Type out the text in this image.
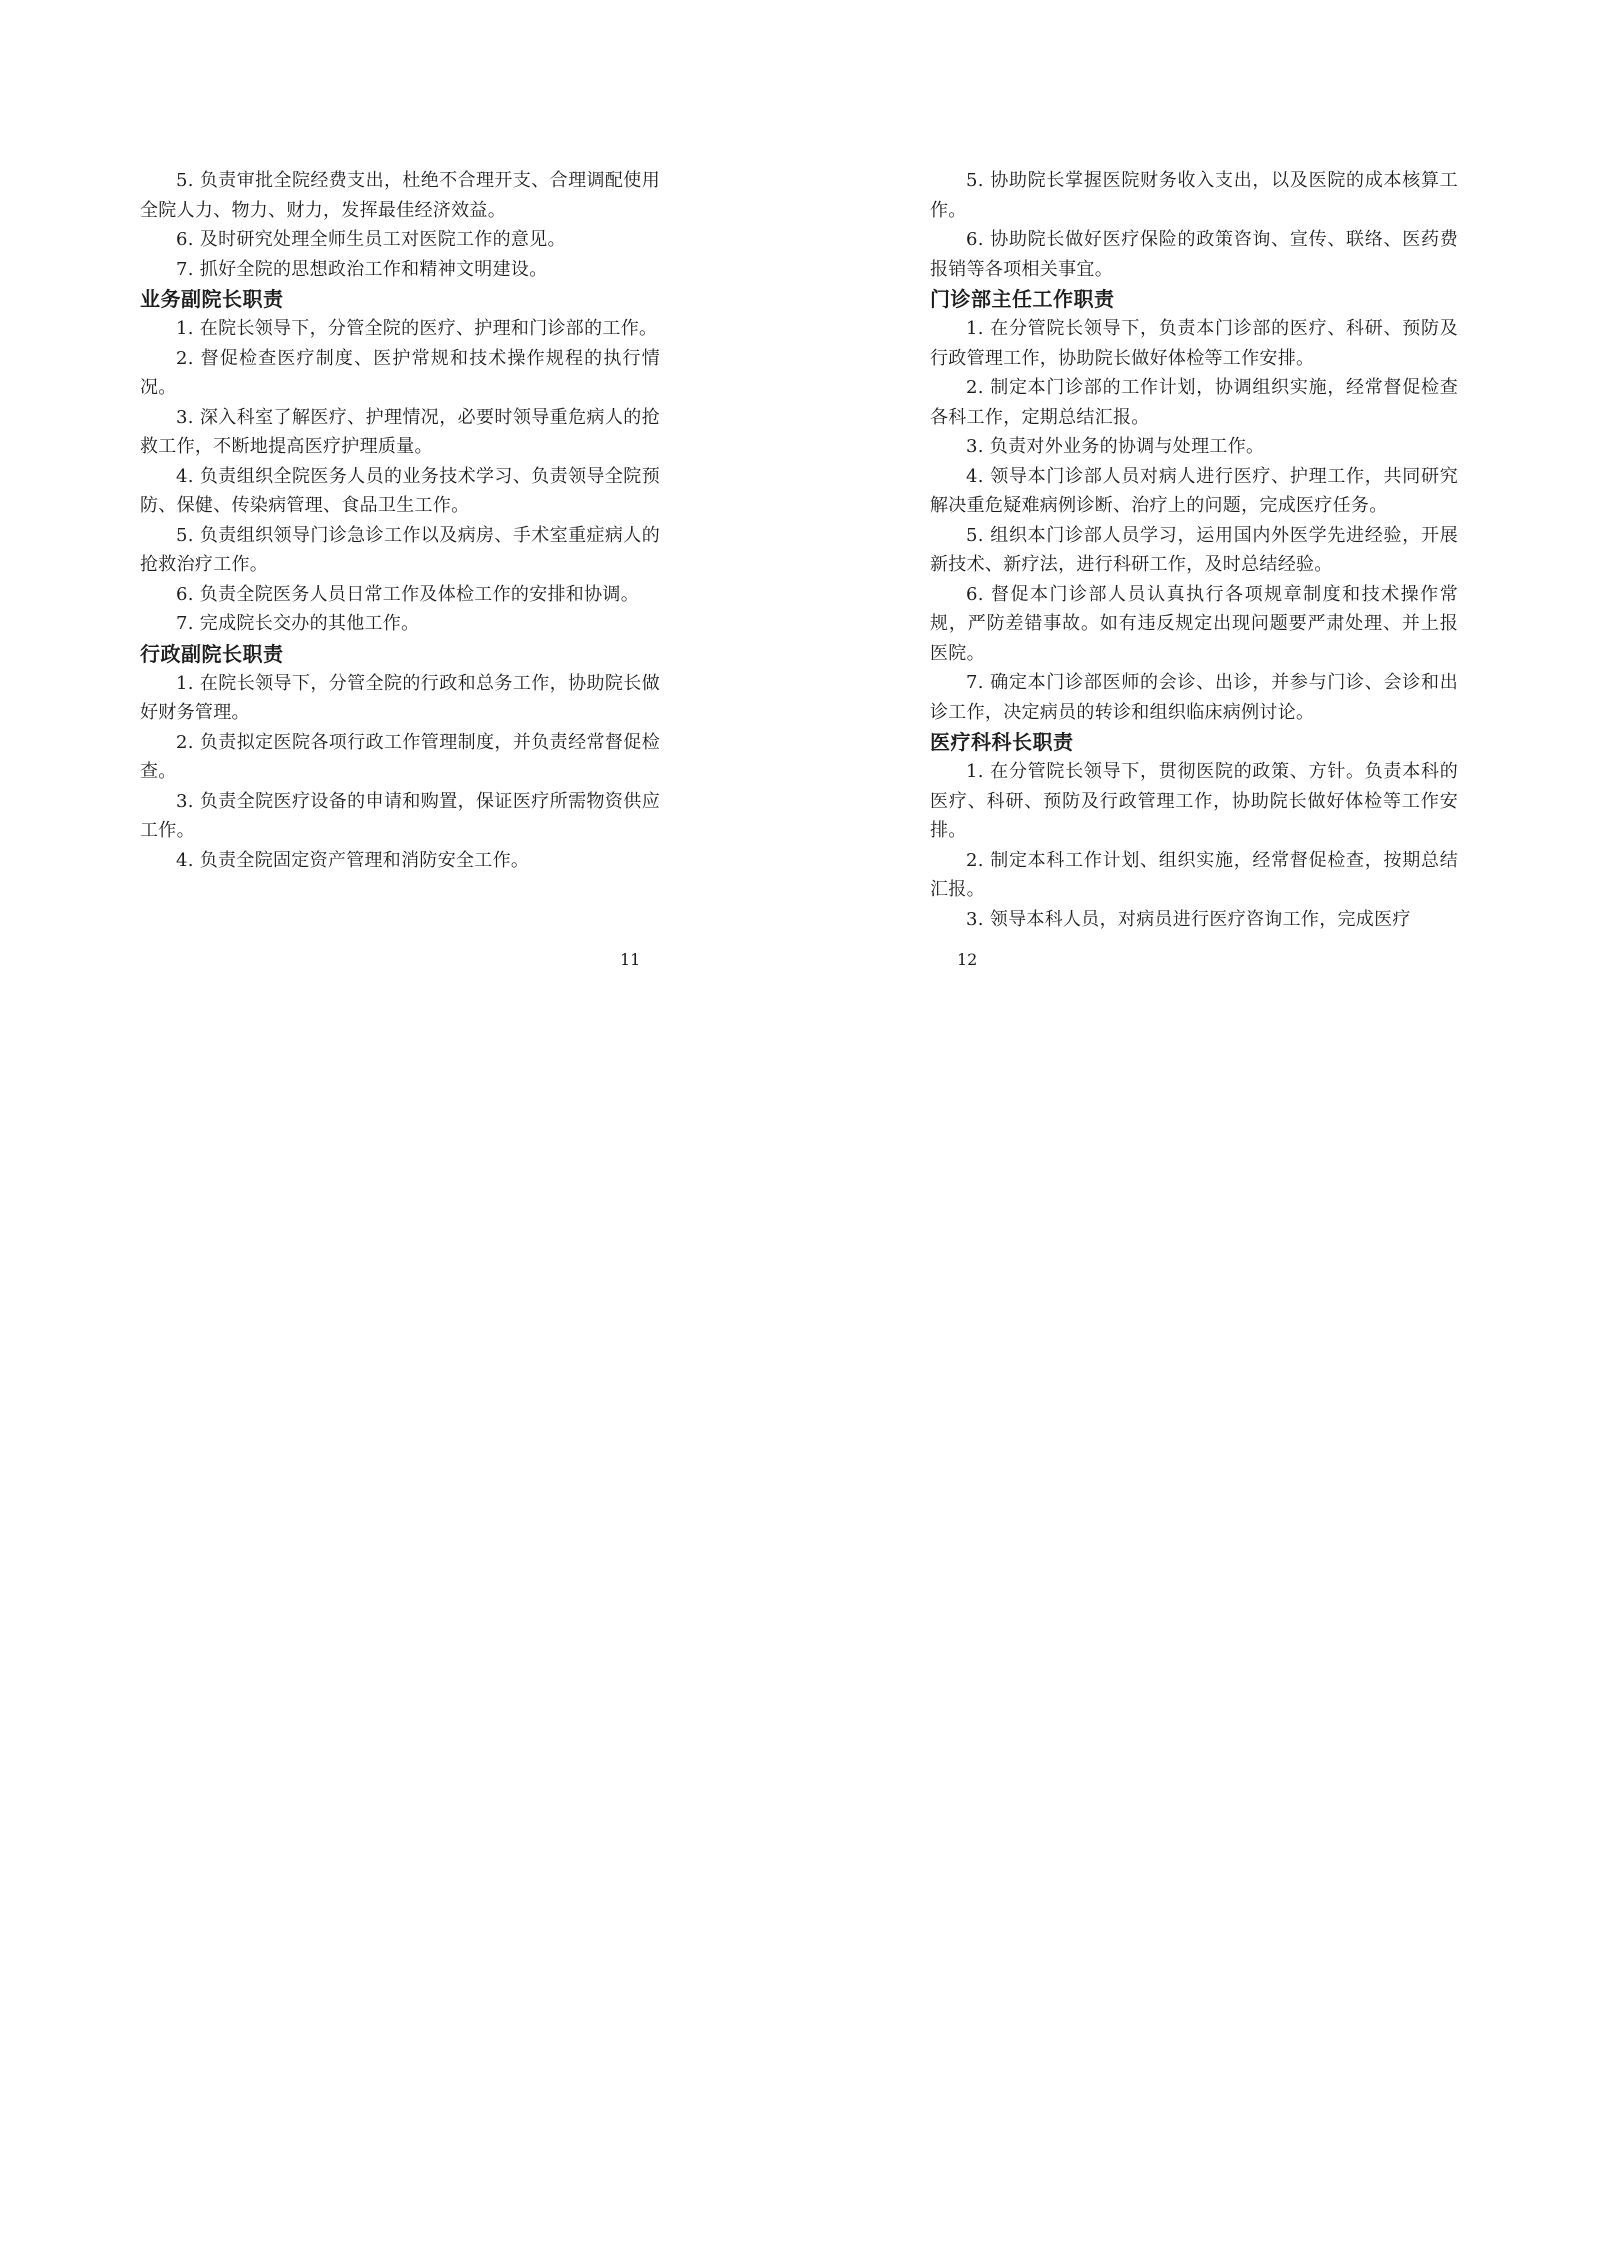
5. 负责审批全院经费支出，杜绝不合理开支、合理调配使用全院人力、物力、财力，发挥最佳经济效益。

6. 及时研究处理全师生员工对医院工作的意见。

7. 抓好全院的思想政治工作和精神文明建设。

业务副院长职责

1. 在院长领导下，分管全院的医疗、护理和门诊部的工作。

2. 督促检查医疗制度、医护常规和技术操作规程的执行情况。

3. 深入科室了解医疗、护理情况，必要时领导重危病人的抢救工作，不断地提高医疗护理质量。

4. 负责组织全院医务人员的业务技术学习、负责领导全院预防、保健、传染病管理、食品卫生工作。

5. 负责组织领导门诊急诊工作以及病房、手术室重症病人的抢救治疗工作。

6. 负责全院医务人员日常工作及体检工作的安排和协调。

7. 完成院长交办的其他工作。

行政副院长职责

1. 在院长领导下，分管全院的行政和总务工作，协助院长做好财务管理。

2. 负责拟定医院各项行政工作管理制度，并负责经常督促检查。

3. 负责全院医疗设备的申请和购置，保证医疗所需物资供应工作。

4. 负责全院固定资产管理和消防安全工作。

11

5. 协助院长掌握医院财务收入支出，以及医院的成本核算工作。

6. 协助院长做好医疗保险的政策咨询、宣传、联络、医药费报销等各项相关事宜。

门诊部主任工作职责

1. 在分管院长领导下，负责本门诊部的医疗、科研、预防及行政管理工作，协助院长做好体检等工作安排。

2. 制定本门诊部的工作计划，协调组织实施，经常督促检查各科工作，定期总结汇报。

3. 负责对外业务的协调与处理工作。

4. 领导本门诊部人员对病人进行医疗、护理工作，共同研究解决重危疑难病例诊断、治疗上的问题，完成医疗任务。

5. 组织本门诊部人员学习，运用国内外医学先进经验，开展新技术、新疗法，进行科研工作，及时总结经验。

6. 督促本门诊部人员认真执行各项规章制度和技术操作常规，严防差错事故。如有违反规定出现问题要严肃处理、并上报医院。

7. 确定本门诊部医师的会诊、出诊，并参与门诊、会诊和出诊工作，决定病员的转诊和组织临床病例讨论。

医疗科科长职责

1. 在分管院长领导下，贯彻医院的政策、方针。负责本科的医疗、科研、预防及行政管理工作，协助院长做好体检等工作安排。

2. 制定本科工作计划、组织实施，经常督促检查，按期总结汇报。

3. 领导本科人员，对病员进行医疗咨询工作，完成医疗

12
